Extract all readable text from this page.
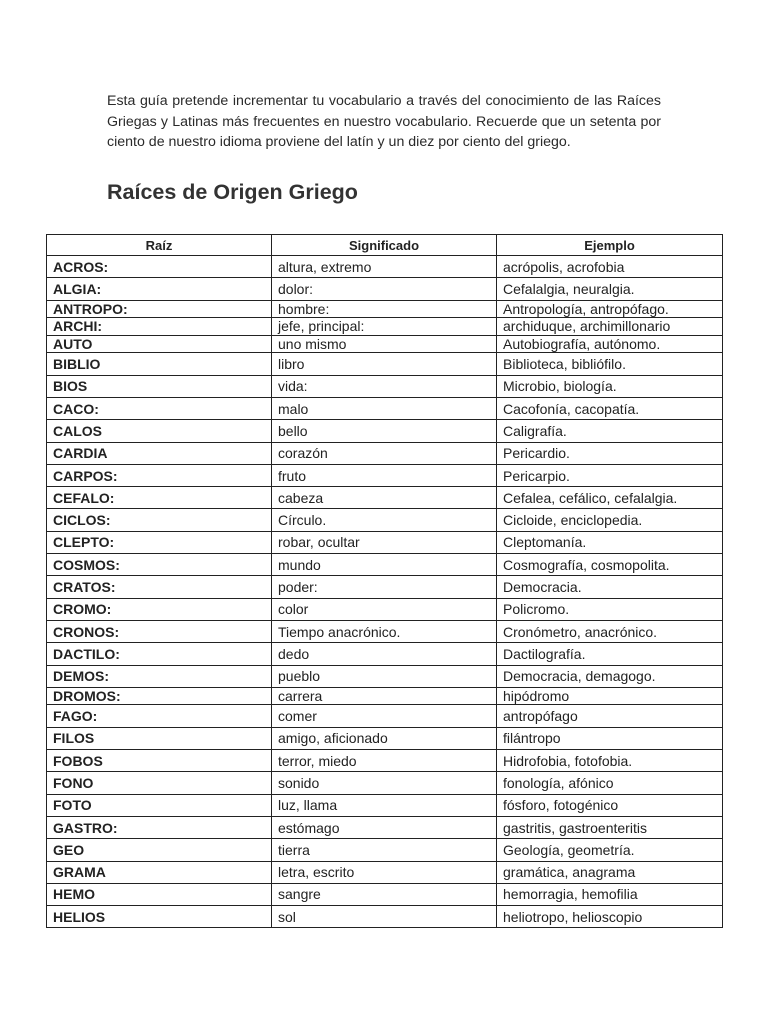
Esta guía pretende incrementar tu vocabulario a través del conocimiento de las Raíces Griegas y Latinas más frecuentes en nuestro vocabulario. Recuerde que un setenta por ciento de nuestro idioma proviene del latín y un diez por ciento del griego.

Raíces de Origen Griego
Raíz	Significado	Ejemplo
ACROS:	altura, extremo	acrópolis, acrofobia
ALGIA:	dolor:	Cefalalgia, neuralgia.
ANTROPO:	hombre:	Antropología, antropófago.
ARCHI:	jefe, principal:	archiduque, archimillonario
AUTO	uno mismo	Autobiografía, autónomo.
BIBLIO	libro	Biblioteca, bibliófilo.
BIOS	vida:	Microbio, biología.
CACO:	malo	Cacofonía, cacopatía.
CALOS	bello	Caligrafía.
CARDIA	corazón	Pericardio.
CARPOS:	fruto	Pericarpio.
CEFALO:	cabeza	Cefalea, cefálico, cefalalgia.
CICLOS:	Círculo.	Cicloide, enciclopedia.
CLEPTO:	robar, ocultar	Cleptomanía.
COSMOS:	mundo	Cosmografía, cosmopolita.
CRATOS:	poder:	Democracia.
CROMO:	color	Policromo.
CRONOS:	Tiempo anacrónico.	Cronómetro, anacrónico.
DACTILO:	dedo	Dactilografía.
DEMOS:	pueblo	Democracia, demagogo.
DROMOS:	carrera	hipódromo
FAGO:	comer	antropófago
FILOS	amigo, aficionado	filántropo
FOBOS	terror, miedo	Hidrofobia, fotofobia.
FONO	sonido	fonología, afónico
FOTO	luz, llama	fósforo, fotogénico
GASTRO:	estómago	gastritis, gastroenteritis
GEO	tierra	Geología, geometría.
GRAMA	letra, escrito	gramática, anagrama
HEMO	sangre	hemorragia, hemofilia
HELIOS	sol	heliotropo, helioscopio
